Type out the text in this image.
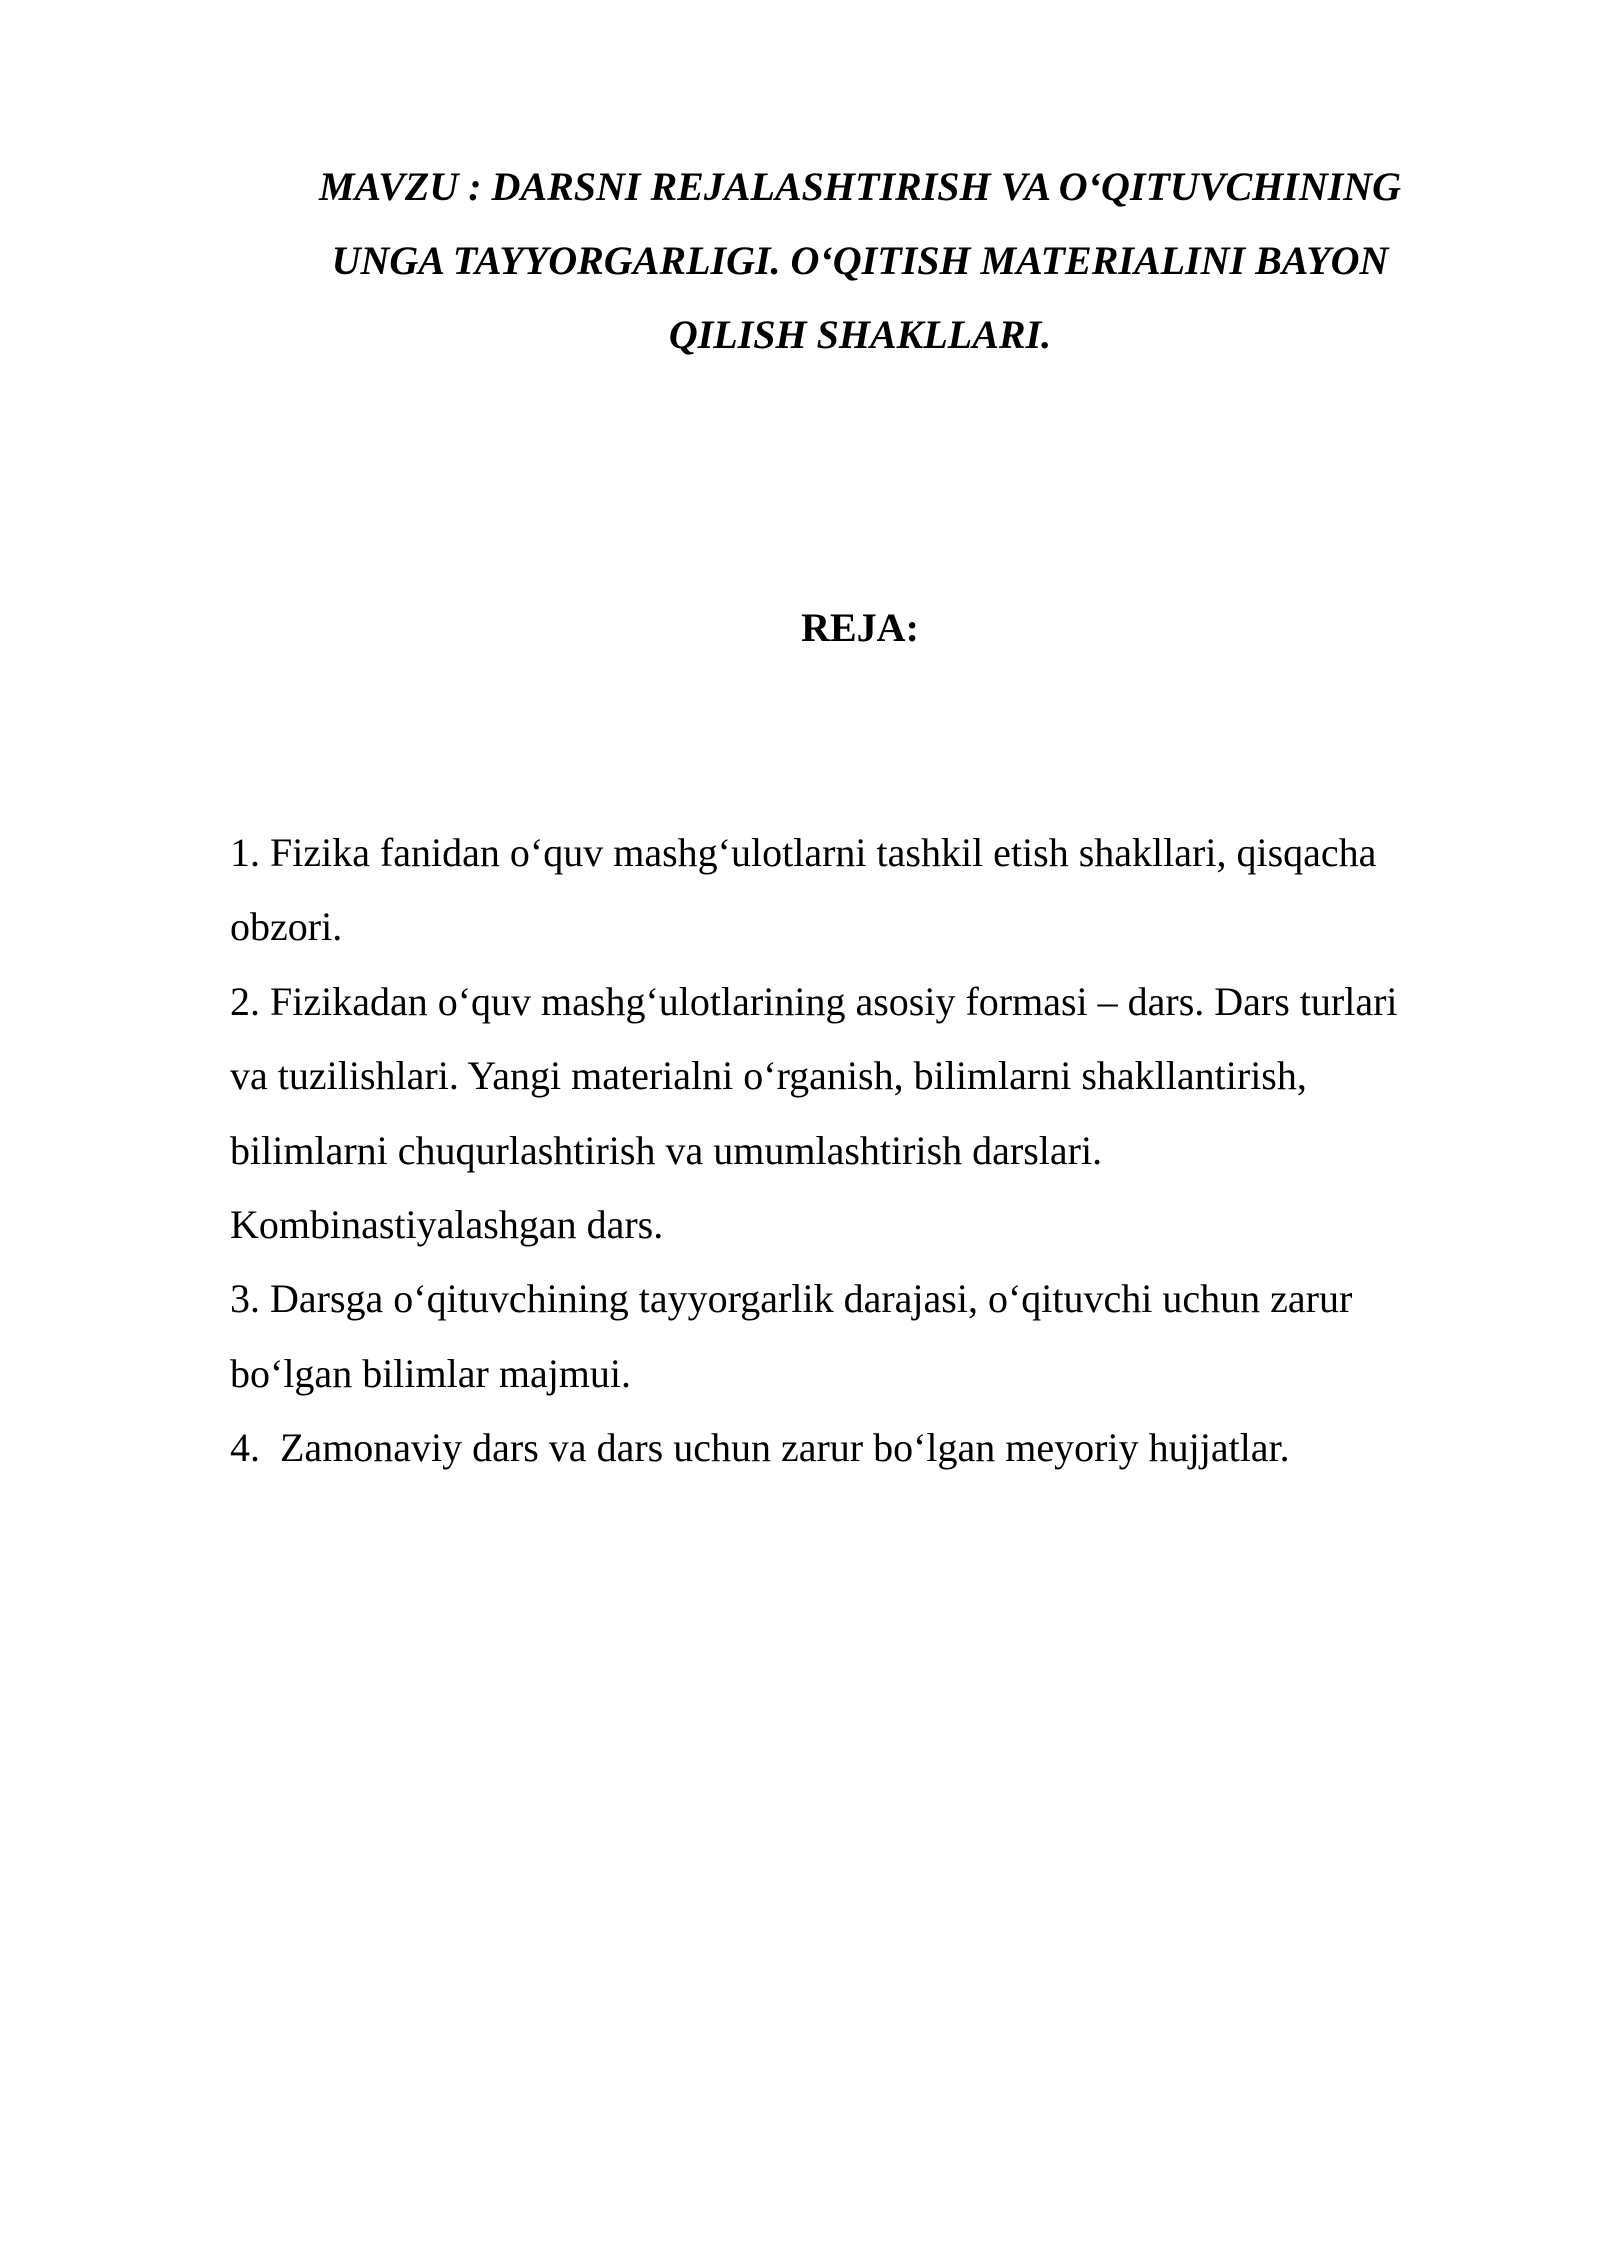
MAVZU : DARSNI REJALASHTIRISH VA O‘QITUVCHINING
UNGA TAYYORGARLIGI. O‘QITISH MATERIALINI BAYON
QILISH SHAKLLARI.
REJA:
1. Fizika fanidan o‘quv mashg‘ulotlarni tashkil etish shakllari, qisqacha
obzori.
2. Fizikadan o‘quv mashg‘ulotlarining asosiy formasi – dars. Dars turlari
va tuzilishlari. Yangi materialni o‘rganish, bilimlarni shakllantirish,
bilimlarni chuqurlashtirish va umumlashtirish darslari.
Kombinastiyalashgan dars.
3. Darsga o‘qituvchining tayyorgarlik darajasi, o‘qituvchi uchun zarur
bo‘lgan bilimlar majmui.
4.  Zamonaviy dars va dars uchun zarur bo‘lgan meyoriy hujjatlar.
